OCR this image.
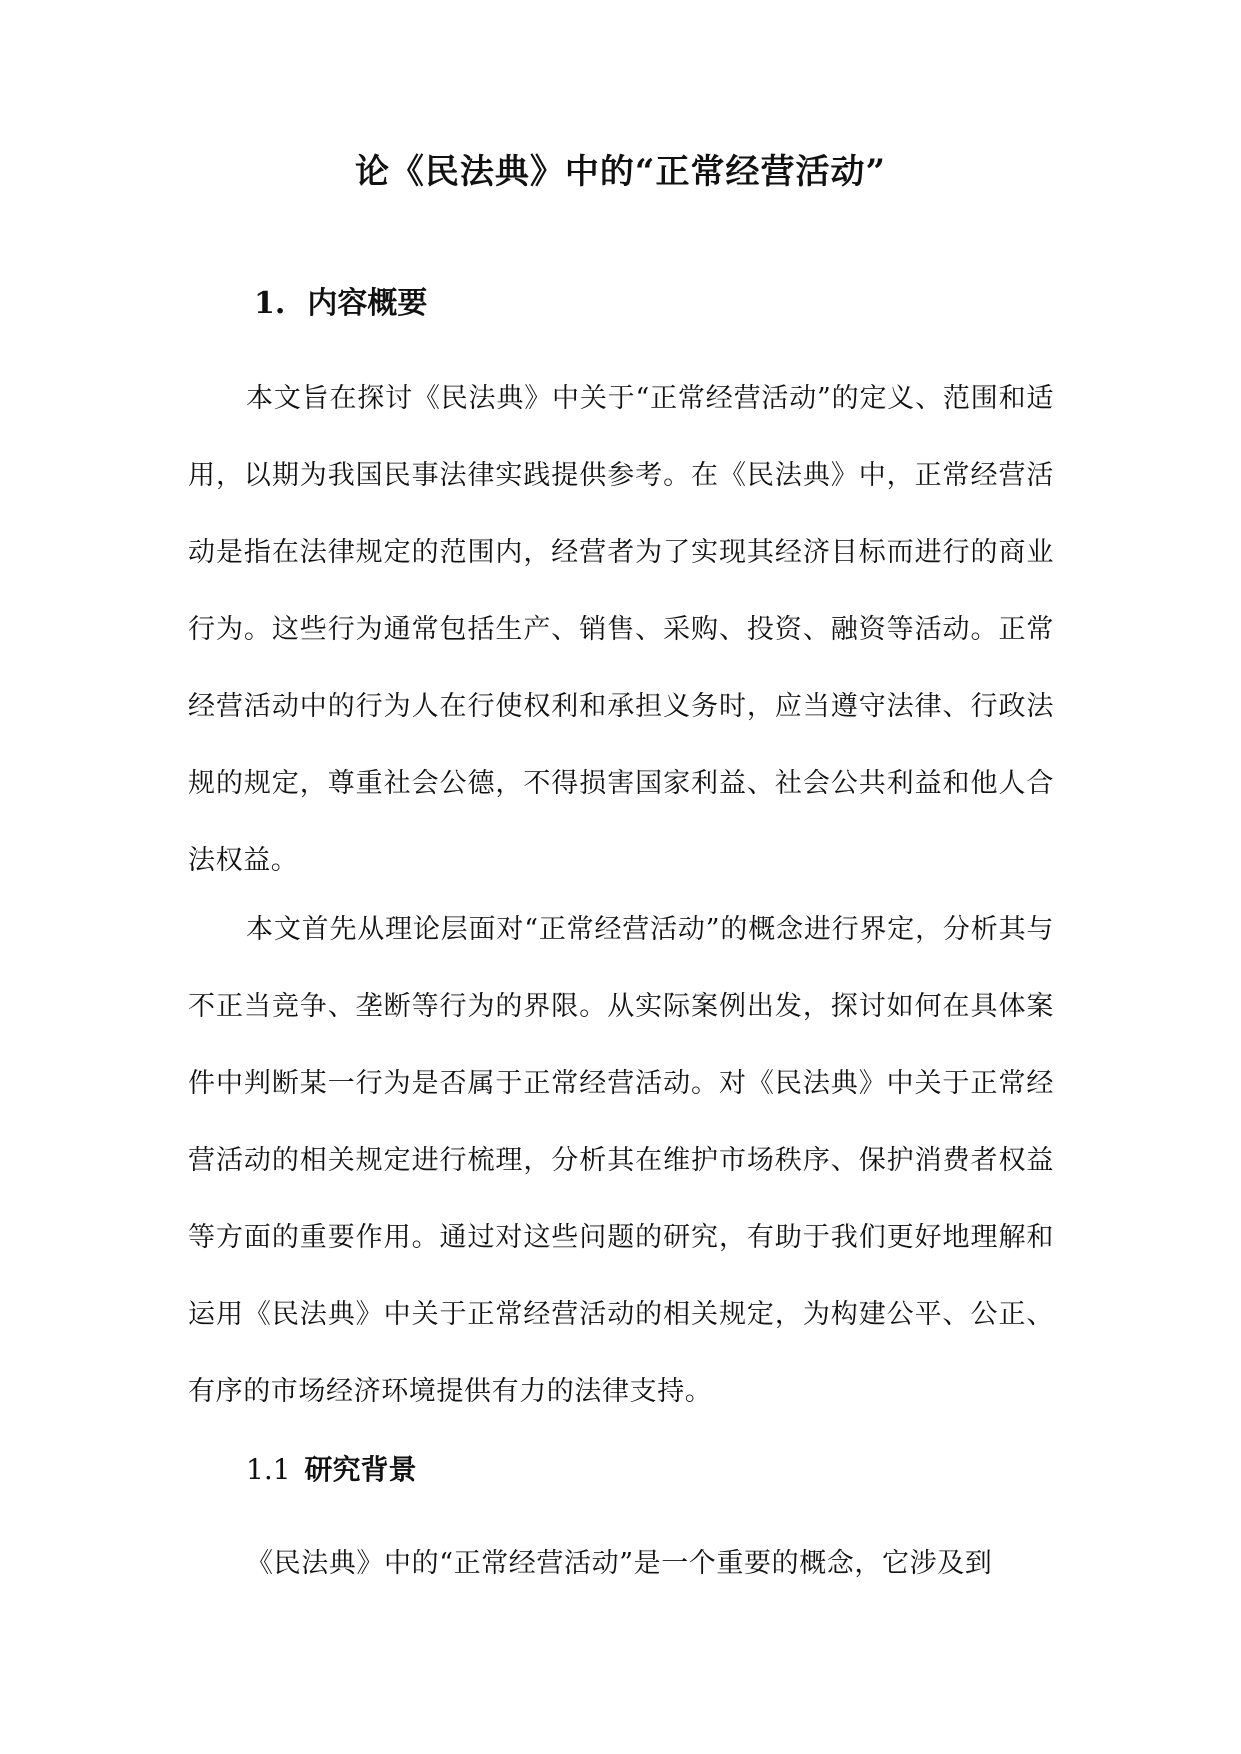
论《民法典》中的“正常经营活动”
1. 内容概要

本文旨在探讨《民法典》中关于“正常经营活动”的定义、范围和适用，以期为我国民事法律实践提供参考。在《民法典》中，正常经营活动是指在法律规定的范围内，经营者为了实现其经济目标而进行的商业行为。这些行为通常包括生产、销售、采购、投资、融资等活动。正常经营活动中的行为人在行使权利和承担义务时，应当遵守法律、行政法规的规定，尊重社会公德，不得损害国家利益、社会公共利益和他人合法权益。

本文首先从理论层面对“正常经营活动”的概念进行界定，分析其与不正当竞争、垄断等行为的界限。从实际案例出发，探讨如何在具体案件中判断某一行为是否属于正常经营活动。对《民法典》中关于正常经营活动的相关规定进行梳理，分析其在维护市场秩序、保护消费者权益等方面的重要作用。通过对这些问题的研究，有助于我们更好地理解和运用《民法典》中关于正常经营活动的相关规定，为构建公平、公正、有序的市场经济环境提供有力的法律支持。

1.1 研究背景

《民法典》中的“正常经营活动”是一个重要的概念，它涉及到
